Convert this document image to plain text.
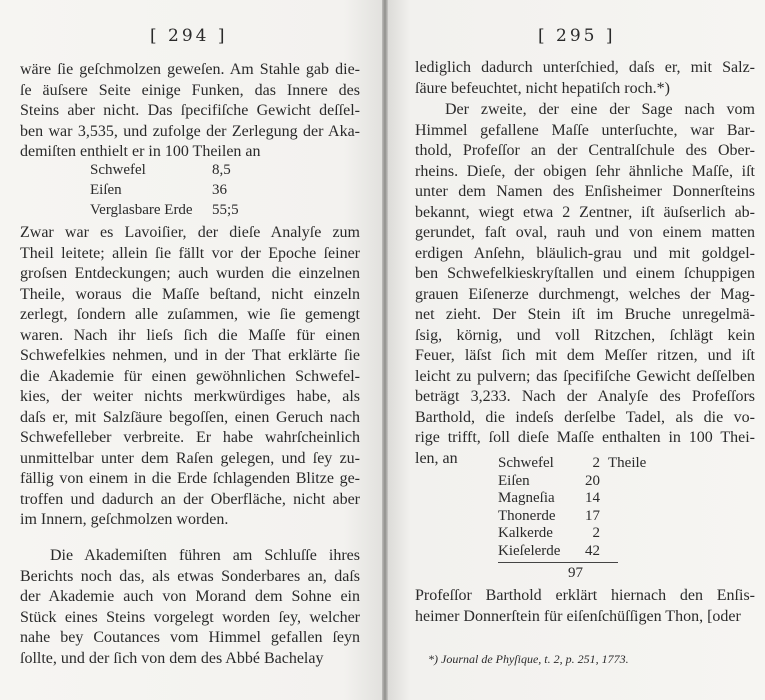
[ 294 ]
wäre ſie geſchmolzen geweſen. Am Stahle gab die-
ſe äuſsere Seite einige Funken, das Innere des
Steins aber nicht. Das ſpecifiſche Gewicht deſſel-
ben war 3,535, und zufolge der Zerlegung der Aka-
demiſten enthielt er in 100 Theilen an
Schwefel	8,5
Eiſen	36
Verglasbare Erde 55;5
Zwar war es Lavoiſier, der dieſe Analyſe zum
Theil leitete; allein ſie fällt vor der Epoche ſeiner
groſsen Entdeckungen; auch wurden die einzelnen
Theile, woraus die Maſſe beſtand, nicht einzeln
zerlegt, ſondern alle zuſammen, wie ſie gemengt
waren. Nach ihr lieſs ſich die Maſſe für einen
Schwefelkies nehmen, und in der That erklärte ſie
die Akademie für einen gewöhnlichen Schwefel-
kies, der weiter nichts merkwürdiges habe, als
daſs er, mit Salzſäure begoſſen, einen Geruch nach
Schwefelleber verbreite. Er habe wahrſcheinlich
unmittelbar unter dem Raſen gelegen, und ſey zu-
fällig von einem in die Erde ſchlagenden Blitze ge-
troffen und dadurch an der Oberfläche, nicht aber
im Innern, geſchmolzen worden.
Die Akademiſten führen am Schluſſe ihres
Berichts noch das, als etwas Sonderbares an, daſs
der Akademie auch von Morand dem Sohne ein
Stück eines Steins vorgelegt worden ſey, welcher
nahe bey Coutances vom Himmel gefallen ſeyn
ſollte, und der ſich von dem des Abbé Bachelay
[ 295 ]
lediglich dadurch unterſchied, daſs er, mit Salz-
ſäure befeuchtet, nicht hepatiſch roch.*)
Der zweite, der eine der Sage nach vom
Himmel gefallene Maſſe unterſuchte, war Bar-
thold, Profeſſor an der Centralſchule des Ober-
rheins. Dieſe, der obigen ſehr ähnliche Maſſe, iſt
unter dem Namen des Enſisheimer Donnerſteins
bekannt, wiegt etwa 2 Zentner, iſt äuſserlich ab-
gerundet, faſt oval, rauh und von einem matten
erdigen Anſehn, bläulich-grau und mit goldgel-
ben Schwefelkieskryſtallen und einem ſchuppigen
grauen Eiſenerze durchmengt, welches der Mag-
net zieht. Der Stein iſt im Bruche unregelmä-
ſsig, körnig, und voll Ritzchen, ſchlägt kein
Feuer, läſst ſich mit dem Meſſer ritzen, und iſt
leicht zu pulvern; das ſpecifiſche Gewicht deſſelben
beträgt 3,233. Nach der Analyſe des Profeſſors
Barthold, die indeſs derſelbe Tadel, als die vo-
rige trifft, ſoll dieſe Maſſe enthalten in 100 Thei-
len, an	Schwefel	2 Theile
Eiſen	20
Magneſia	14
Thonerde	17
Kalkerde	2
Kieſelerde	42
97
Profeſſor Barthold erklärt hiernach den Enſis-
heimer Donnerſtein für eiſenſchüſſigen Thon, [oder
*) Journal de Phyſique, t. 2, p. 251, 1773.
